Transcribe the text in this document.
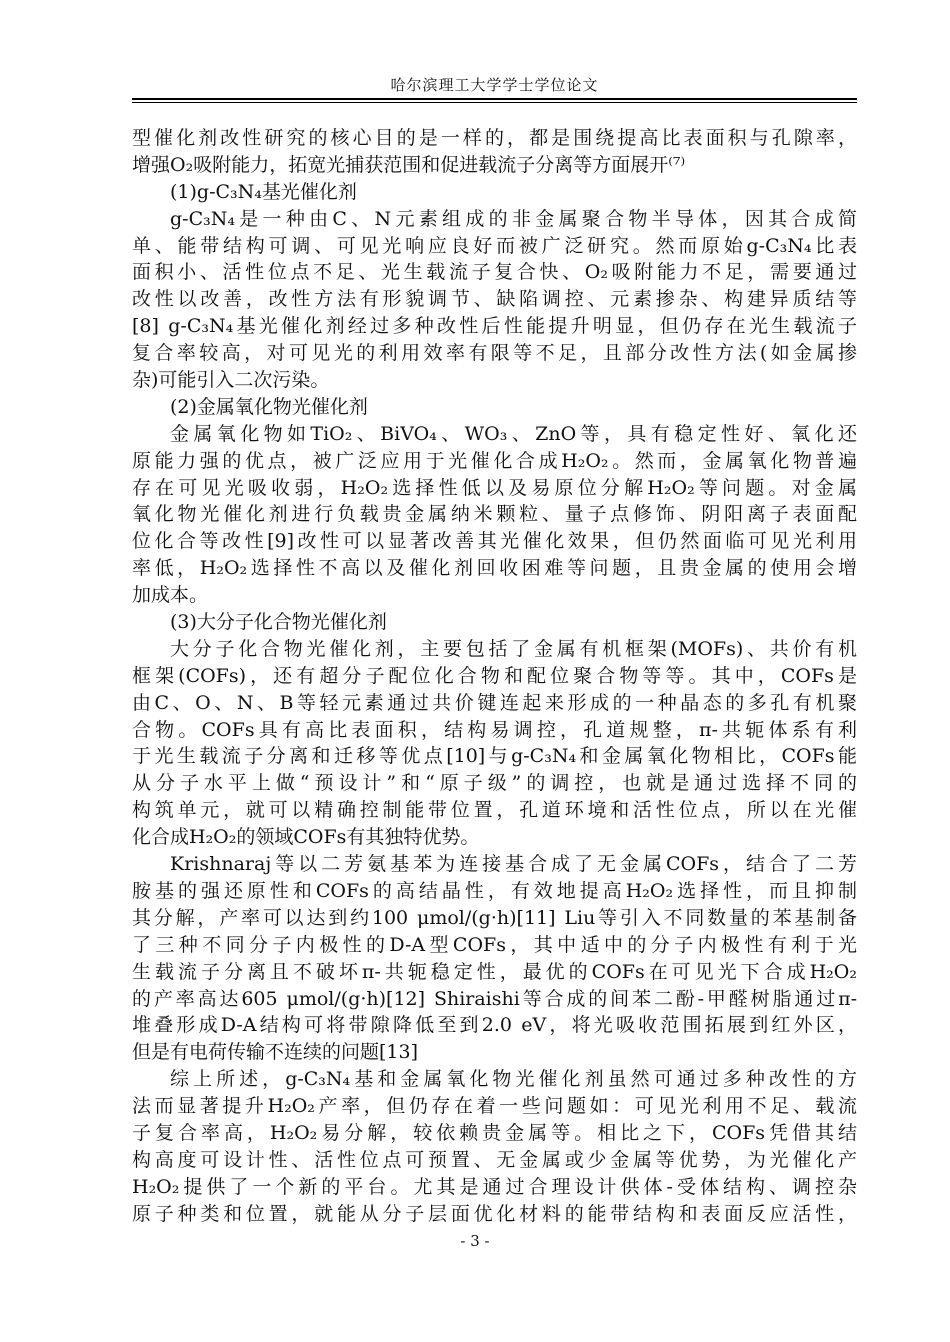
哈尔滨理工大学学士学位论文
型催化剂改性研究的核心目的是一样的，都是围绕提高比表面积与孔隙率，
增强O₂吸附能力，拓宽光捕获范围和促进载流子分离等方面展开⁽⁷⁾
(1)g-C₃N₄基光催化剂
g-C₃N₄是一种由C、N元素组成的非金属聚合物半导体，因其合成简
单、能带结构可调、可见光响应良好而被广泛研究。然而原始g-C₃N₄比表
面积小、活性位点不足、光生载流子复合快、O₂吸附能力不足，需要通过
改性以改善，改性方法有形貌调节、缺陷调控、元素掺杂、构建异质结等
[8] g-C₃N₄基光催化剂经过多种改性后性能提升明显，但仍存在光生载流子
复合率较高，对可见光的利用效率有限等不足，且部分改性方法(如金属掺
杂)可能引入二次污染。
(2)金属氧化物光催化剂
金属氧化物如TiO₂、BiVO₄、WO₃、ZnO等，具有稳定性好、氧化还
原能力强的优点，被广泛应用于光催化合成H₂O₂。然而，金属氧化物普遍
存在可见光吸收弱，H₂O₂选择性低以及易原位分解H₂O₂等问题。对金属
氧化物光催化剂进行负载贵金属纳米颗粒、量子点修饰、阴阳离子表面配
位化合等改性[9]改性可以显著改善其光催化效果，但仍然面临可见光利用
率低，H₂O₂选择性不高以及催化剂回收困难等问题，且贵金属的使用会增
加成本。
(3)大分子化合物光催化剂
大分子化合物光催化剂，主要包括了金属有机框架(MOFs)、共价有机
框架(COFs)，还有超分子配位化合物和配位聚合物等等。其中，COFs是
由C、O、N、B等轻元素通过共价键连起来形成的一种晶态的多孔有机聚
合物。COFs具有高比表面积，结构易调控，孔道规整，π-共轭体系有利
于光生载流子分离和迁移等优点[10]与g-C₃N₄和金属氧化物相比，COFs能
从分子水平上做“预设计”和“原子级”的调控，也就是通过选择不同的
构筑单元，就可以精确控制能带位置，孔道环境和活性位点，所以在光催
化合成H₂O₂的领域COFs有其独特优势。
Krishnaraj等以二芳氨基苯为连接基合成了无金属COFs，结合了二芳
胺基的强还原性和COFs的高结晶性，有效地提高H₂O₂选择性，而且抑制
其分解，产率可以达到约100 μmol/(g·h)[11] Liu等引入不同数量的苯基制备
了三种不同分子内极性的D-A型COFs，其中适中的分子内极性有利于光
生载流子分离且不破坏π-共轭稳定性，最优的COFs在可见光下合成H₂O₂
的产率高达605 μmol/(g·h)[12] Shiraishi等合成的间苯二酚-甲醛树脂通过π-
堆叠形成D-A结构可将带隙降低至到2.0 eV，将光吸收范围拓展到红外区，
但是有电荷传输不连续的问题[13]
综上所述，g-C₃N₄基和金属氧化物光催化剂虽然可通过多种改性的方
法而显著提升H₂O₂产率，但仍存在着一些问题如：可见光利用不足、载流
子复合率高，H₂O₂易分解，较依赖贵金属等。相比之下，COFs凭借其结
构高度可设计性、活性位点可预置、无金属或少金属等优势，为光催化产
H₂O₂提供了一个新的平台。尤其是通过合理设计供体-受体结构、调控杂
原子种类和位置，就能从分子层面优化材料的能带结构和表面反应活性，
- 3 -
